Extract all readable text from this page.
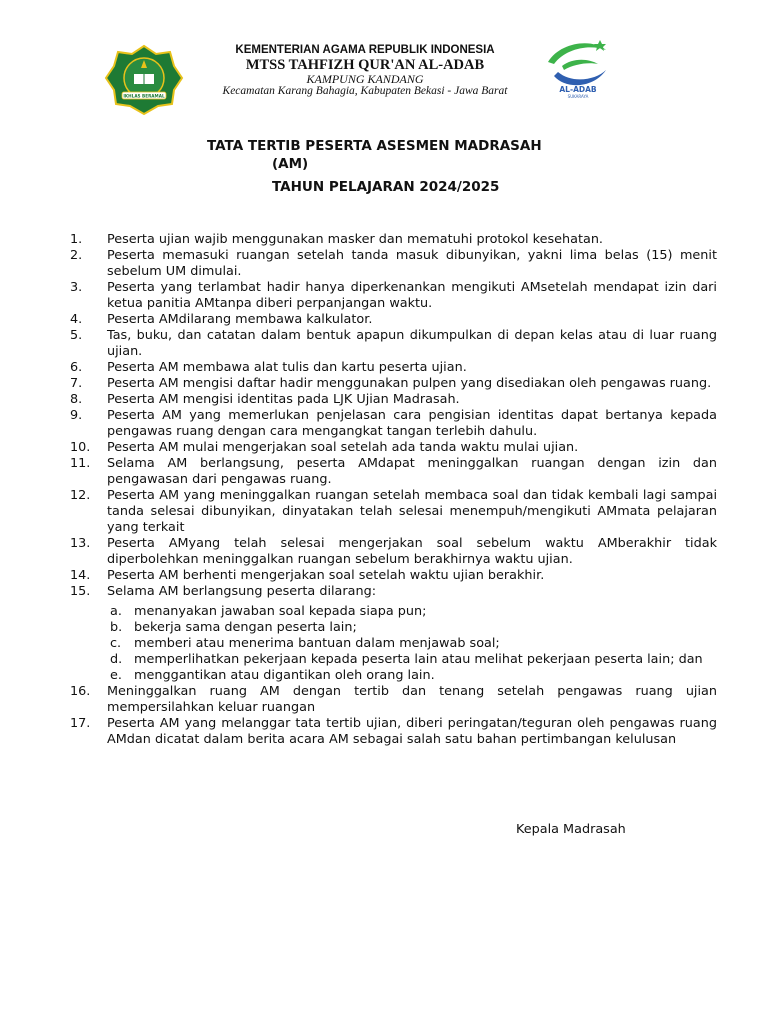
IKHLAS BERAMAL
AL-ADAB
SUKARAYA
KEMENTERIAN AGAMA REPUBLIK INDONESIA
MTSS TAHFIZH QUR'AN AL-ADAB
KAMPUNG KANDANG
Kecamatan Karang Bahagia, Kabupaten Bekasi - Jawa Barat
TATA TERTIB PESERTA ASESMEN MADRASAH
(AM)
TAHUN PELAJARAN 2024/2025
1.	Peserta ujian wajib menggunakan masker dan mematuhi protokol kesehatan.
2.	Peserta memasuki ruangan setelah tanda masuk dibunyikan, yakni lima belas (15) menit sebelum UM dimulai.
3.	Peserta yang terlambat hadir hanya diperkenankan mengikuti AMsetelah mendapat izin dari ketua panitia AMtanpa diberi perpanjangan waktu.
4.	Peserta AMdilarang membawa kalkulator.
5.	Tas, buku, dan catatan dalam bentuk apapun dikumpulkan di depan kelas atau di luar ruang ujian.
6.	Peserta AM membawa alat tulis dan kartu peserta ujian.
7.	Peserta AM mengisi daftar hadir menggunakan pulpen yang disediakan oleh pengawas ruang.
8.	Peserta AM mengisi identitas pada LJK Ujian Madrasah.
9.	Peserta AM yang memerlukan penjelasan cara pengisian identitas dapat bertanya kepada pengawas ruang dengan cara mengangkat tangan terlebih dahulu.
10.	Peserta AM mulai mengerjakan soal setelah ada tanda waktu mulai ujian.
11.	Selama AM berlangsung, peserta AMdapat meninggalkan ruangan dengan izin dan pengawasan dari pengawas ruang.
12.	Peserta AM yang meninggalkan ruangan setelah membaca soal dan tidak kembali lagi sampai tanda selesai dibunyikan, dinyatakan telah selesai menempuh/mengikuti AMmata pelajaran yang terkait
13.	Peserta AMyang telah selesai mengerjakan soal sebelum waktu AMberakhir tidak diperbolehkan meninggalkan ruangan sebelum berakhirnya waktu ujian.
14.	Peserta AM berhenti mengerjakan soal setelah waktu ujian berakhir.
15.	Selama AM berlangsung peserta dilarang:
a. menanyakan jawaban soal kepada siapa pun;
b. bekerja sama dengan peserta lain;
c. memberi atau menerima bantuan dalam menjawab soal;
d. memperlihatkan pekerjaan kepada peserta lain atau melihat pekerjaan peserta lain; dan
e. menggantikan atau digantikan oleh orang lain.
16.	Meninggalkan ruang AM dengan tertib dan tenang setelah pengawas ruang ujian mempersilahkan keluar ruangan
17.	Peserta AM yang melanggar tata tertib ujian, diberi peringatan/teguran oleh pengawas ruang AMdan dicatat dalam berita acara AM sebagai salah satu bahan pertimbangan kelulusan
Kepala Madrasah
